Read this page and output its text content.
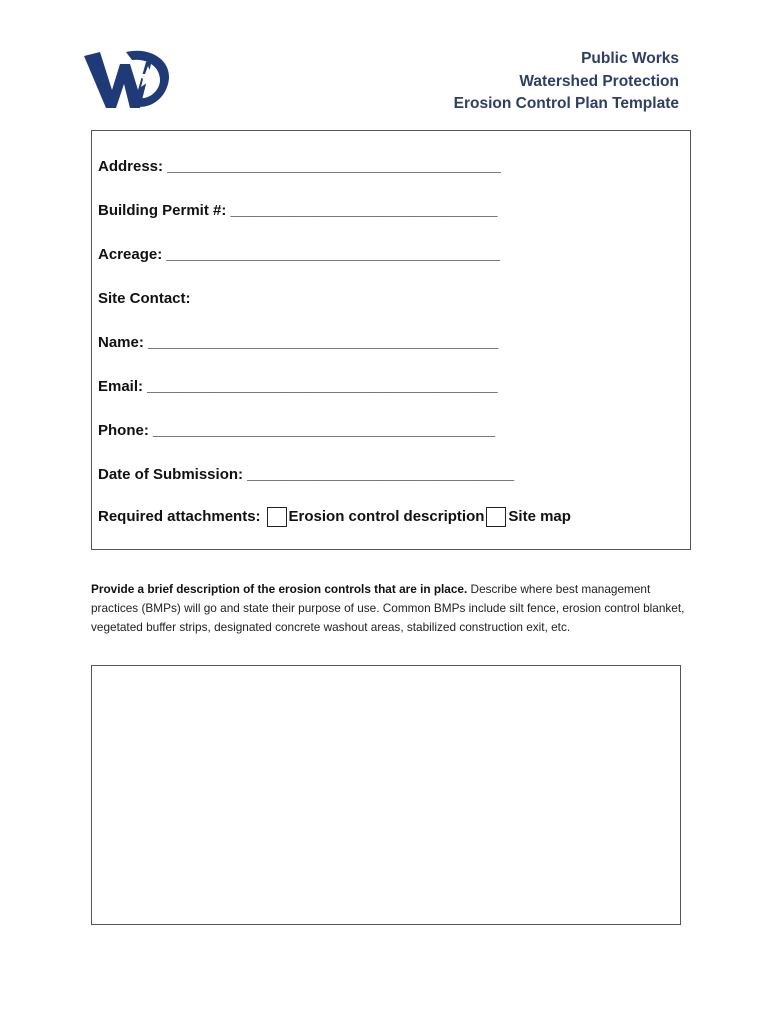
Public Works
Watershed Protection
Erosion Control Plan Template
Address: ________________________________________
Building Permit #: ________________________________
Acreage: ________________________________________
Site Contact:
Name: __________________________________________
Email: __________________________________________
Phone: _________________________________________
Date of Submission: ________________________________
Required attachments: Erosion control description Site map
Provide a brief description of the erosion controls that are in place. Describe where best management practices (BMPs) will go and state their purpose of use. Common BMPs include silt fence, erosion control blanket, vegetated buffer strips, designated concrete washout areas, stabilized construction exit, etc.
